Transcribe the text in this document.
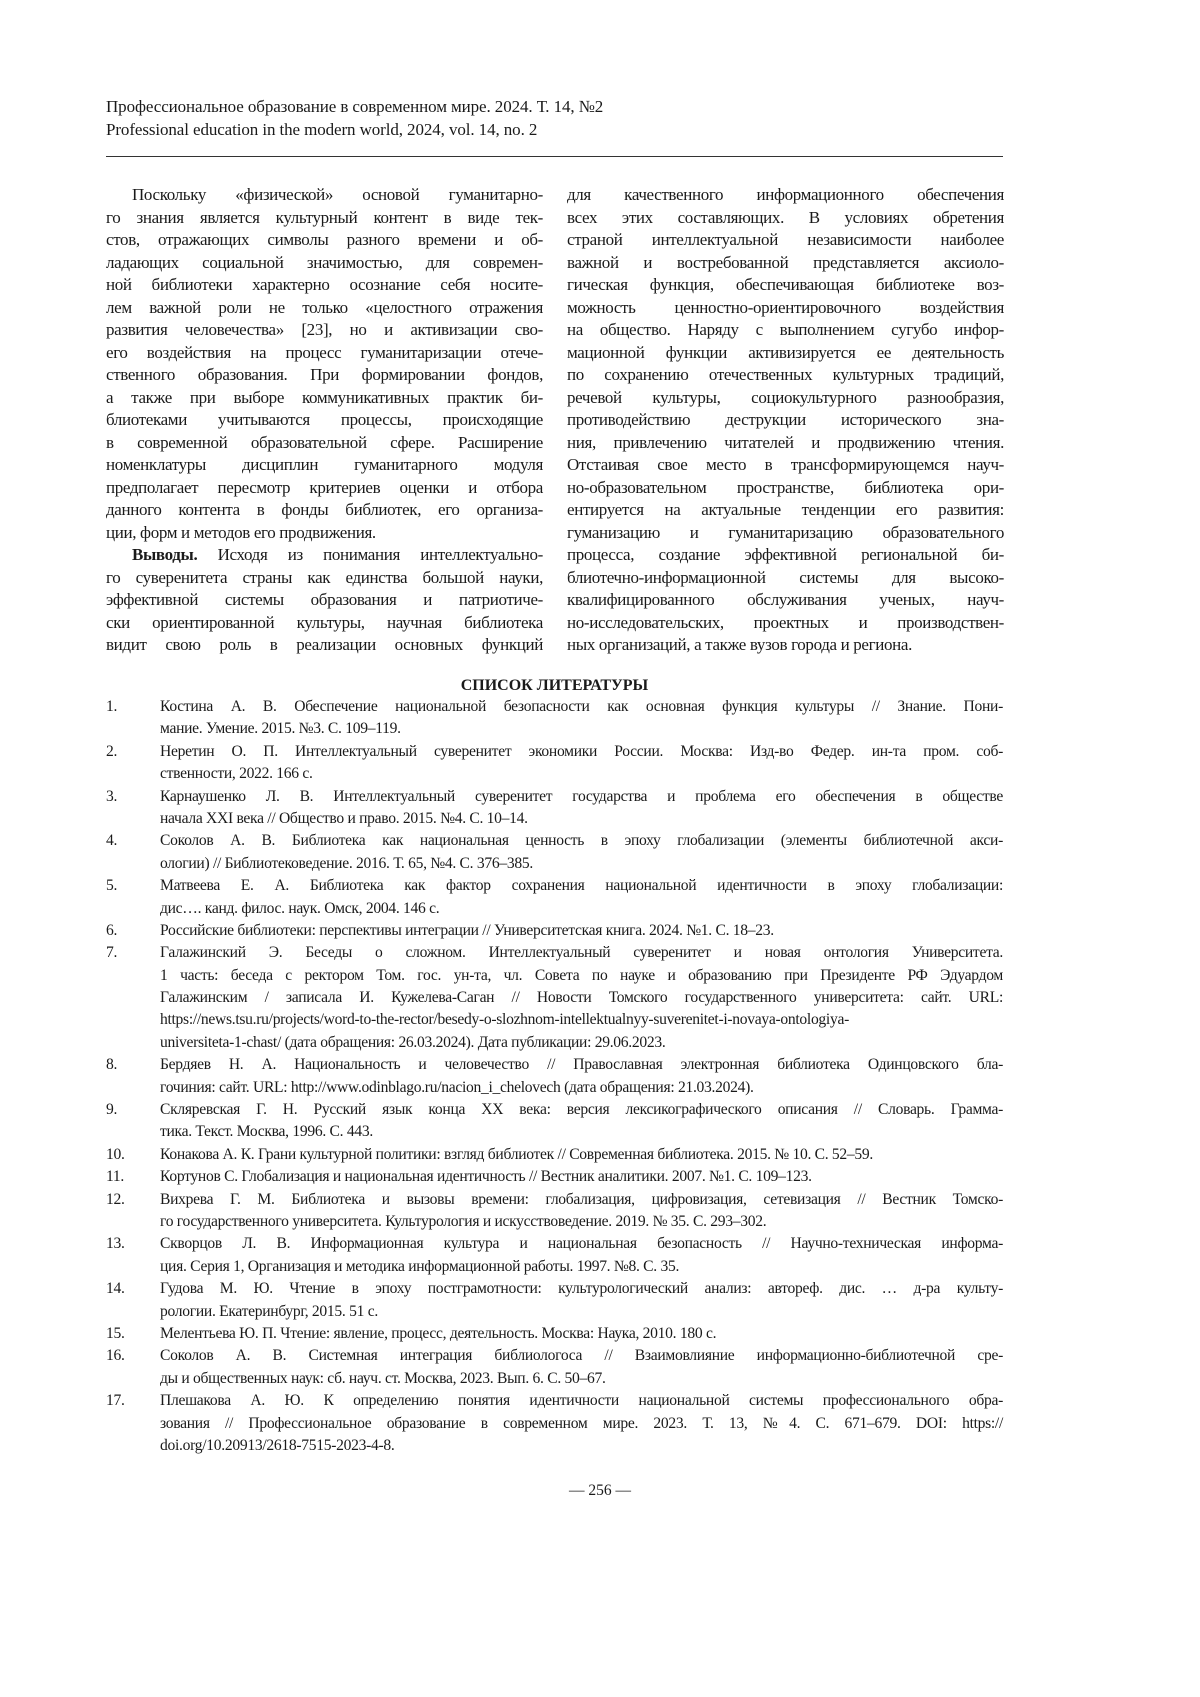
Профессиональное образование в современном мире. 2024. Т. 14, №2
Professional education in the modern world, 2024, vol. 14, no. 2
Поскольку «физической» основой гуманитарно-
го знания является культурный контент в виде тек-
стов, отражающих символы разного времени и об-
ладающих социальной значимостью, для современ-
ной библиотеки характерно осознание себя носите-
лем важной роли не только «целостного отражения
развития человечества» [23], но и активизации сво-
его воздействия на процесс гуманитаризации отече-
ственного образования. При формировании фондов,
а также при выборе коммуникативных практик би-
блиотеками учитываются процессы, происходящие
в современной образовательной сфере. Расширение
номенклатуры дисциплин гуманитарного модуля
предполагает пересмотр критериев оценки и отбора
данного контента в фонды библиотек, его организа-
ции, форм и методов его продвижения.
Выводы. Исходя из понимания интеллектуально-
го суверенитета страны как единства большой науки,
эффективной системы образования и патриотиче-
ски ориентированной культуры, научная библиотека
видит свою роль в реализации основных функций
для качественного информационного обеспечения
всех этих составляющих. В условиях обретения
страной интеллектуальной независимости наиболее
важной и востребованной представляется аксиоло-
гическая функция, обеспечивающая библиотеке воз-
можность ценностно-ориентировочного воздействия
на общество. Наряду с выполнением сугубо инфор-
мационной функции активизируется ее деятельность
по сохранению отечественных культурных традиций,
речевой культуры, социокультурного разнообразия,
противодействию деструкции исторического зна-
ния, привлечению читателей и продвижению чтения.
Отстаивая свое место в трансформирующемся науч-
но-образовательном пространстве, библиотека ори-
ентируется на актуальные тенденции его развития:
гуманизацию и гуманитаризацию образовательного
процесса, создание эффективной региональной би-
блиотечно-информационной системы для высоко-
квалифицированного обслуживания ученых, науч-
но-исследовательских, проектных и производствен-
ных организаций, а также вузов города и региона.
СПИСОК ЛИТЕРАТУРЫ
1.	Костина А. В. Обеспечение национальной безопасности как основная функция культуры // Знание. Пони-
мание. Умение. 2015. №3. С. 109–119.
2.	Неретин О. П. Интеллектуальный суверенитет экономики России. Москва: Изд-во Федер. ин-та пром. соб-
ственности, 2022. 166 с.
3.	Карнаушенко Л. В. Интеллектуальный суверенитет государства и проблема его обеспечения в обществе
начала XXI века // Общество и право. 2015. №4. С. 10–14.
4.	Соколов А. В. Библиотека как национальная ценность в эпоху глобализации (элементы библиотечной акси-
ологии) // Библиотековедение. 2016. Т. 65, №4. С. 376–385.
5.	Матвеева Е. А. Библиотека как фактор сохранения национальной идентичности в эпоху глобализации:
дис…. канд. филос. наук. Омск, 2004. 146 с.
6.	Российские библиотеки: перспективы интеграции // Университетская книга. 2024. №1. С. 18–23.
7.	Галажинский Э. Беседы о сложном. Интеллектуальный суверенитет и новая онтология Университета.
1 часть: беседа с ректором Том. гос. ун-та, чл. Совета по науке и образованию при Президенте РФ Эдуардом
Галажинским / записала И. Кужелева-Саган // Новости Томского государственного университета: сайт. URL:
https://news.tsu.ru/projects/word-to-the-rector/besedy-o-slozhnom-intellektualnyy-suverenitet-i-novaya-ontologiya-
universiteta-1-chast/ (дата обращения: 26.03.2024). Дата публикации: 29.06.2023.
8.	Бердяев Н. А. Национальность и человечество // Православная электронная библиотека Одинцовского бла-
гочиния: сайт. URL: http://www.odinblago.ru/nacion_i_chelovech (дата обращения: 21.03.2024).
9.	Скляревская Г. Н. Русский язык конца XX века: версия лексикографического описания // Словарь. Грамма-
тика. Текст. Москва, 1996. С. 443.
10. Конакова А. К. Грани культурной политики: взгляд библиотек // Современная библиотека. 2015. № 10. С. 52–59.
11. Кортунов С. Глобализация и национальная идентичность // Вестник аналитики. 2007. №1. С. 109–123.
12. Вихрева Г. М. Библиотека и вызовы времени: глобализация, цифровизация, сетевизация // Вестник Томско-
го государственного университета. Культурология и искусствоведение. 2019. № 35. С. 293–302.
13. Скворцов Л. В. Информационная культура и национальная безопасность // Научно-техническая информа-
ция. Серия 1, Организация и методика информационной работы. 1997. №8. С. 35.
14. Гудова М. Ю. Чтение в эпоху постграмотности: культурологический анализ: автореф. дис. … д-ра культу-
рологии. Екатеринбург, 2015. 51 с.
15. Мелентьева Ю. П. Чтение: явление, процесс, деятельность. Москва: Наука, 2010. 180 с.
16. Соколов А. В. Системная интеграция библиологоса // Взаимовлияние информационно-библиотечной сре-
ды и общественных наук: сб. науч. ст. Москва, 2023. Вып. 6. С. 50–67.
17. Плешакова А. Ю. К определению понятия идентичности национальной системы профессионального обра-
зования // Профессиональное образование в современном мире. 2023. Т. 13, №4. С. 671–679. DOI: https://
doi.org/10.20913/2618-7515-2023-4-8.
— 256 —
